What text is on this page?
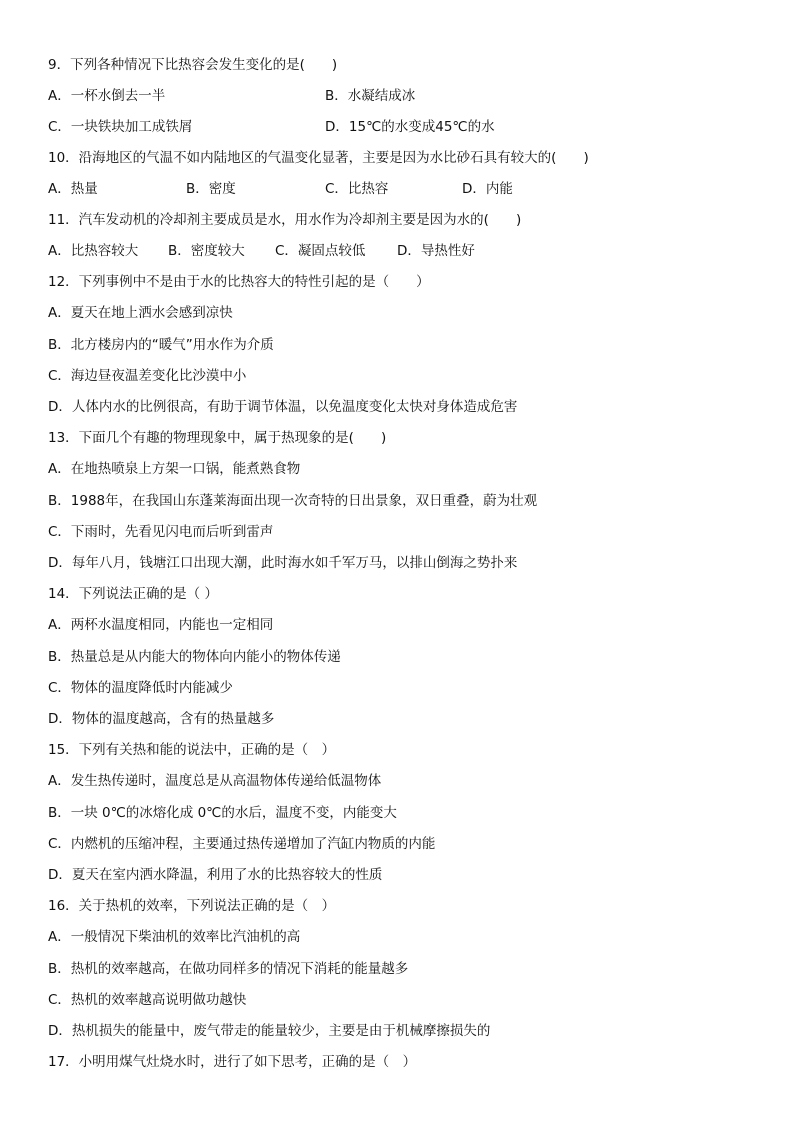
9．下列各种情况下比热容会发生变化的是(　　)
A．一杯水倒去一半	B．水凝结成冰
C．一块铁块加工成铁屑	D．15℃的水变成45℃的水
10．沿海地区的气温不如内陆地区的气温变化显著，主要是因为水比砂石具有较大的(　　)
A．热量	B．密度	C．比热容	D．内能
11．汽车发动机的冷却剂主要成员是水，用水作为冷却剂主要是因为水的(　　)
A．比热容较大 B．密度较大 C．凝固点较低 D．导热性好
12．下列事例中不是由于水的比热容大的特性引起的是（　　）
A．夏天在地上洒水会感到凉快
B．北方楼房内的“暖气”用水作为介质
C．海边昼夜温差变化比沙漠中小
D．人体内水的比例很高，有助于调节体温，以免温度变化太快对身体造成危害
13．下面几个有趣的物理现象中，属于热现象的是(　　)
A．在地热喷泉上方架一口锅，能煮熟食物
B．1988年，在我国山东蓬莱海面出现一次奇特的日出景象，双日重叠，蔚为壮观
C．下雨时，先看见闪电而后听到雷声
D．每年八月，钱塘江口出现大潮，此时海水如千军万马，以排山倒海之势扑来
14．下列说法正确的是（ ）
A．两杯水温度相同，内能也一定相同
B．热量总是从内能大的物体向内能小的物体传递
C．物体的温度降低时内能减少
D．物体的温度越高，含有的热量越多
15．下列有关热和能的说法中，正确的是（　）
A．发生热传递时，温度总是从高温物体传递给低温物体
B．一块 0℃的冰熔化成 0℃的水后，温度不变，内能变大
C．内燃机的压缩冲程，主要通过热传递增加了汽缸内物质的内能
D．夏天在室内洒水降温，利用了水的比热容较大的性质
16．关于热机的效率，下列说法正确的是（　）
A．一般情况下柴油机的效率比汽油机的高
B．热机的效率越高，在做功同样多的情况下消耗的能量越多
C．热机的效率越高说明做功越快
D．热机损失的能量中，废气带走的能量较少，主要是由于机械摩擦损失的
17．小明用煤气灶烧水时，进行了如下思考，正确的是（　）
